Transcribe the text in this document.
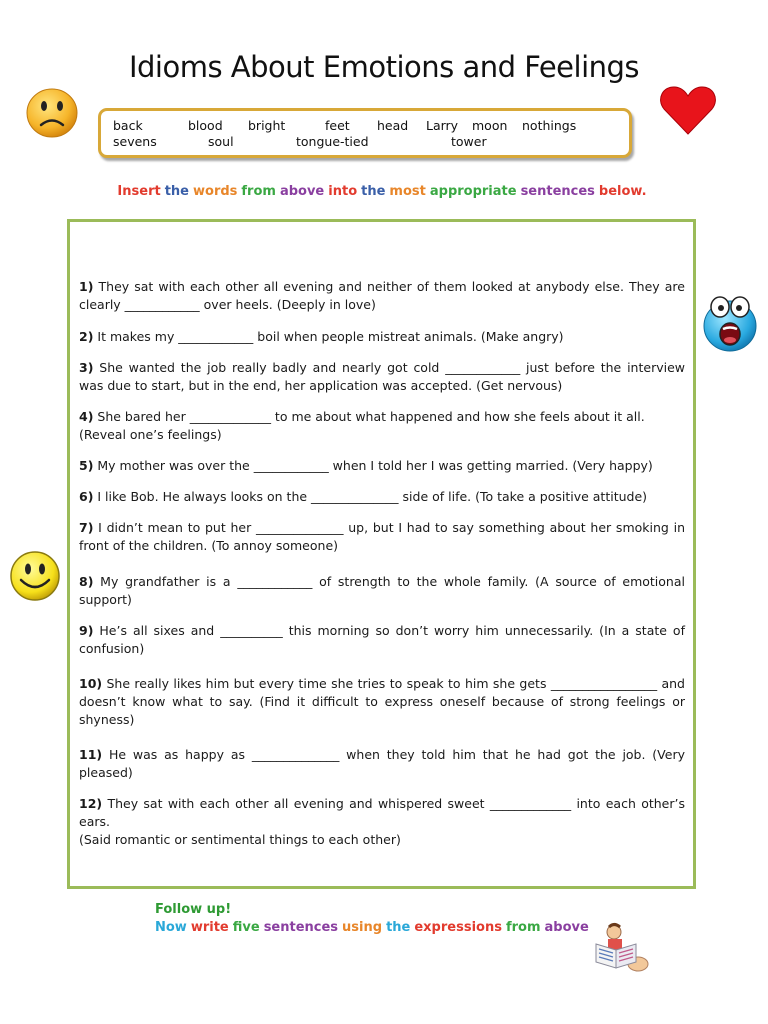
Idioms About Emotions and Feelings
back	blood bright	feet head Larry moon nothings
sevens	soul	tongue-tied	tower
Insert the words from above into the most appropriate sentences below.
1) They sat with each other all evening and neither of them looked at anybody else. They are clearly ____________ over heels. (Deeply in love)
2) It makes my ____________ boil when people mistreat animals. (Make angry)
3) She wanted the job really badly and nearly got cold ____________ just before the interview was due to start, but in the end, her application was accepted. (Get nervous)
4) She bared her _____________ to me about what happened and how she feels about it all.
(Reveal one’s feelings)
5) My mother was over the ____________ when I told her I was getting married. (Very happy)
6) I like Bob. He always looks on the ______________ side of life. (To take a positive attitude)
7) I didn’t mean to put her ______________ up, but I had to say something about her smoking in front of the children. (To annoy someone)
8) My grandfather is a ____________ of strength to the whole family. (A source of emotional support)
9) He’s all sixes and __________ this morning so don’t worry him unnecessarily. (In a state of confusion)
10) She really likes him but every time she tries to speak to him she gets _________________ and doesn’t know what to say. (Find it difficult to express oneself because of strong feelings or shyness)
11) He was as happy as ______________ when they told him that he had got the job. (Very pleased)
12) They sat with each other all evening and whispered sweet _____________ into each other’s ears.
(Said romantic or sentimental things to each other)
Follow up!
Now write five sentences using the expressions from above
